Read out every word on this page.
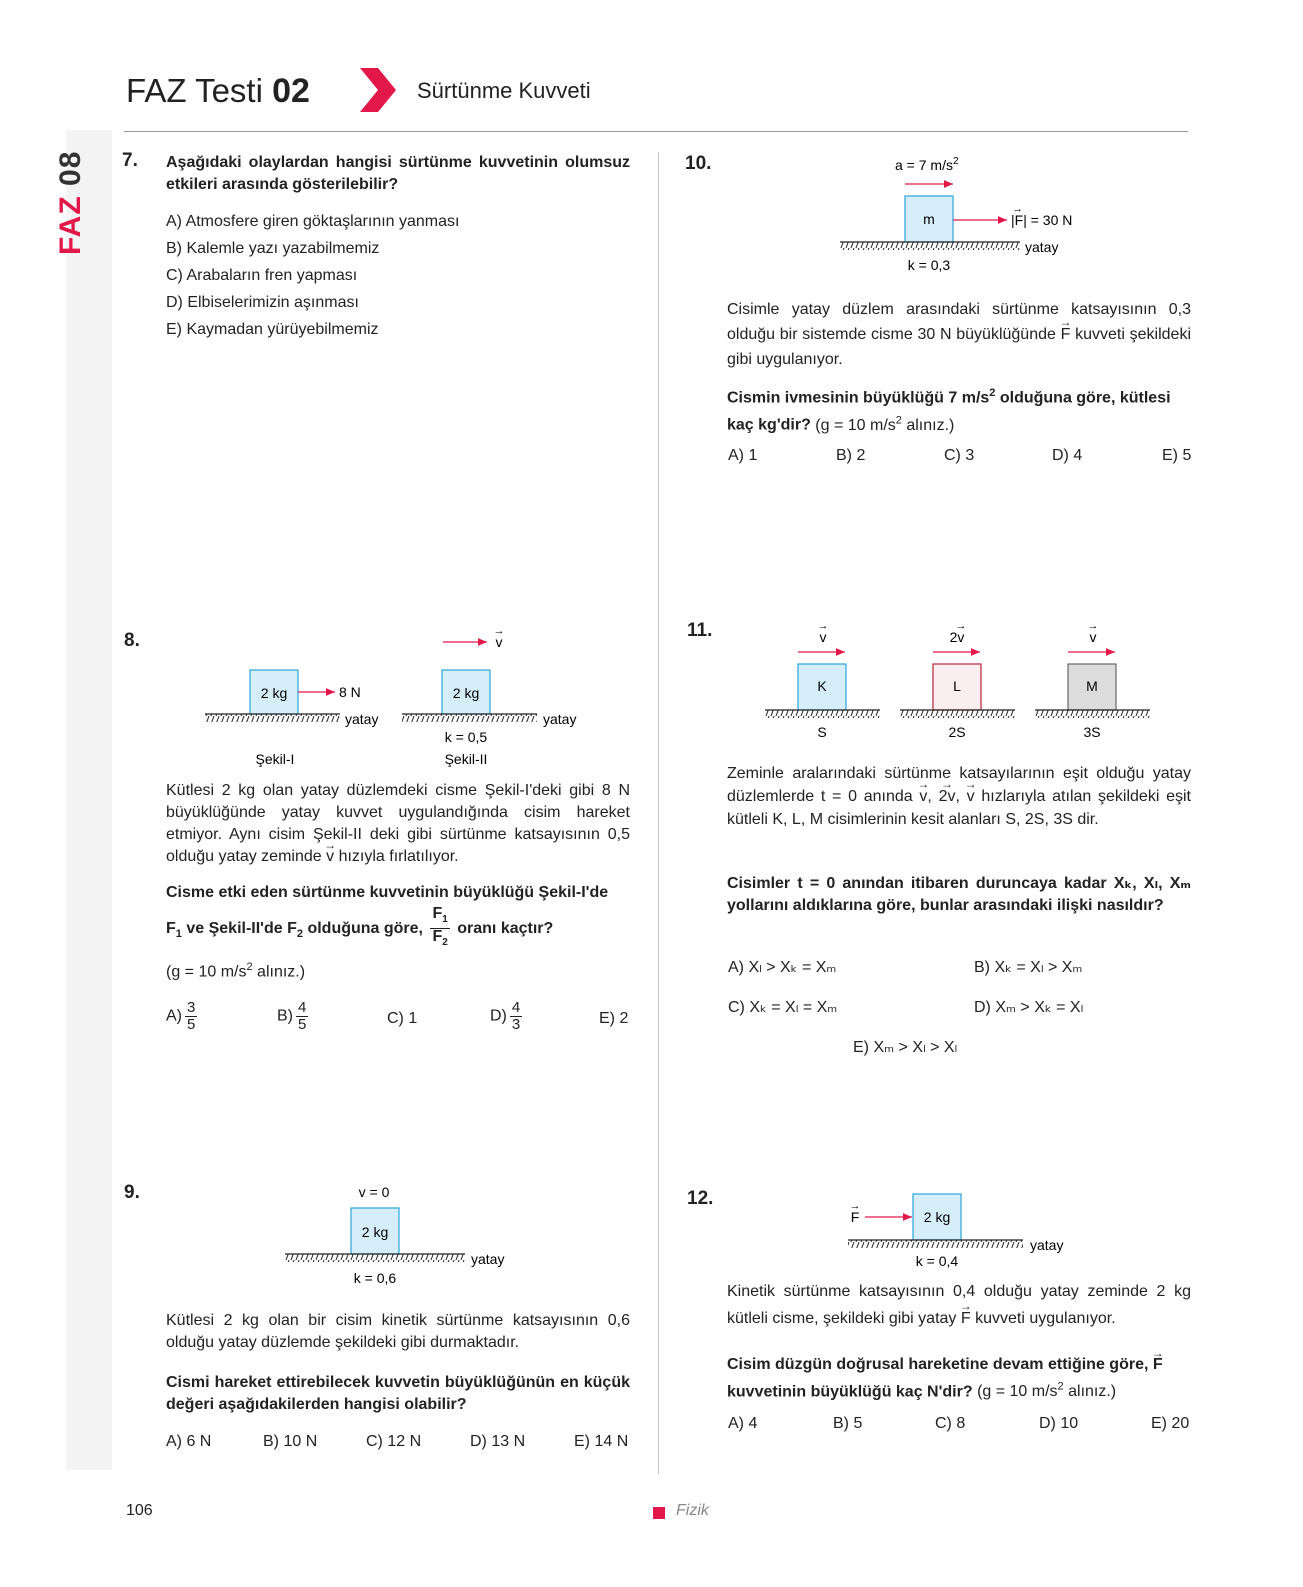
FAZ 08
FAZ Testi 02	Sürtünme Kuvveti
7. Aşağıdaki olaylardan hangisi sürtünme kuvvetinin olumsuz etkileri arasında gösterilebilir?
A) Atmosfere giren göktaşlarının yanması
B) Kalemle yazı yazabilmemiz
C) Arabaların fren yapması
D) Elbiselerimizin aşınması
E) Kaymadan yürüyebilmemiz
8.
2 kg	8 N
yatay
Şekil-I
v
→
2 kg
yatay
k = 0,5
Şekil-II
Kütlesi 2 kg olan yatay düzlemdeki cisme Şekil-I'deki gibi 8 N büyüklüğünde yatay kuvvet uygulandığında cisim hareket etmiyor. Aynı cisim Şekil-II deki gibi sürtünme katsayısının 0,5 olduğu yatay zeminde → v hızıyla fırlatılıyor.
Cisme etki eden sürtünme kuvvetinin büyüklüğü Şekil-I'de
$F_1$ ve Şekil-II'de $F_2$ olduğuna göre, $\frac{F_1}{F_2}$ oranı kaçtır?
(g = 10 $m/s^2$ alınız.)
$A) \frac{3}{5}$	$B) \frac{4}{5}$	C) 1	$D) \frac{4}{3}$	E) 2
9.	v = 0
2 kg
yatay
k = 0,6
Kütlesi 2 kg olan bir cisim kinetik sürtünme katsayısının 0,6 olduğu yatay düzlemde şekildeki gibi durmaktadır.
Cismi hareket ettirebilecek kuvvetin büyüklüğünün en küçük değeri aşağıdakilerden hangisi olabilir?
A) 6 N	B) 10 N	C) 12 N	D) 13 N	E) 14 N
10.	a = 7 $m/s^2$
m	|F| = 30 N
→
yatay
k = 0,3
Cisimle yatay düzlem arasındaki sürtünme katsayısının 0,3 olduğu bir sistemde cisme 30 N büyüklüğünde → F kuvveti şekildeki gibi uygulanıyor.
Cismin ivmesinin büyüklüğü 7 $m/s^2$ olduğuna göre, kütlesi kaç kg'dir? (g = 10 $m/s^2$ alınız.)
A) 1	B) 2	C) 3	D) 4	E) 5
11.	v
→
K
S
2v
→
L
2S
v
→
M
3S
Zeminle aralarındaki sürtünme katsayılarının eşit olduğu yatay düzlemlerde t = 0 anında → v, → 2v, → v hızlarıyla atılan şekildeki eşit kütleli K, L, M cisimlerinin kesit alanları S, 2S, 3S dir.
Cisimler t = 0 anından itibaren duruncaya kadar Xₖ, Xₗ, Xₘ yollarını aldıklarına göre, bunlar arasındaki ilişki nasıldır?
A) Xₗ > Xₖ = Xₘ	B) Xₖ = Xₗ > Xₘ
C) Xₖ = Xₗ = Xₘ	D) Xₘ > Xₖ = Xₗ
E) Xₘ > Xₗ > Xₗ
12.
F
→
2 kg
yatay
k = 0,4
Kinetik sürtünme katsayısının 0,4 olduğu yatay zeminde 2 kg kütleli cisme, şekildeki gibi yatay → F kuvveti uygulanıyor.
Cisim düzgün doğrusal hareketine devam ettiğine göre, → F kuvvetinin büyüklüğü kaç N'dir? (g = 10 $m/s^2$ alınız.)
A) 4	B) 5	C) 8	D) 10	E) 20
106	Fizik
